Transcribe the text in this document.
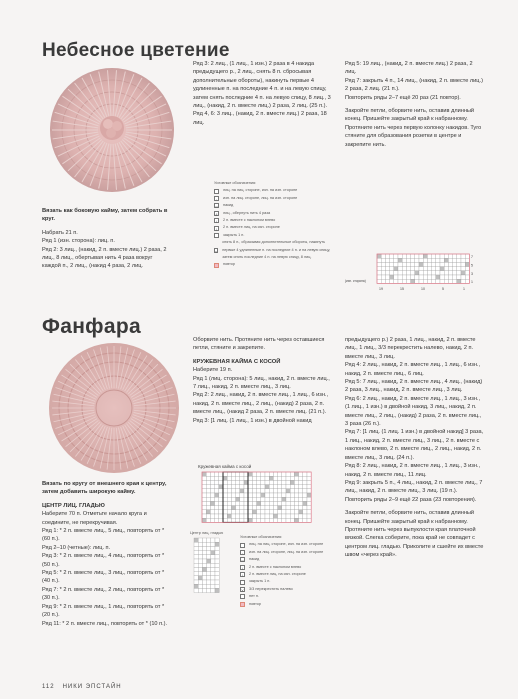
Небесное цветение

Вязать как боковую кайму, затем собрать в круг.

Набрать 21 п.

Ряд 1 (изн. сторона): лиц. п.

Ряд 2: 3 лиц., (накид, 2 п. вместе лиц.) 2 раза, 2 лиц., 8 лиц., обертывая нить 4 раза вокруг каждой п., 2 лиц., (накид 4 раза, 2 лиц.

Ряд 3: 2 лиц., (1 лиц., 1 изн.) 2 раза в 4 накида предыдущего р., 2 лиц., снять 8 п. сбросывая дополнительные обороты), накинуть первые 4 удлиненные п. на последние 4 п. и на левую спицу, затем снять последние 4 п. на левую спицу, 8 лиц., 3 лиц., (накид, 2 п. вместе лиц.) 2 раза, 2 лиц. (25 п.).

Ряд 4, 6: 3 лиц., (накид, 2 п. вместе лиц.) 2 раза, 18 лиц.

Условные обозначения:
лиц. на лиц. стороне, изн. на изн. стороне
·	изн. на лиц. стороне, лиц. на изн. стороне
o	накид
4	лиц., обернуть нить 4 раза
/	2 п. вместе с наклоном влево
\	2 п. вместе лиц. на изн. стороне
закрыть 1 п.
≈
снять 8 п., сбрасывая дополнительные обороты, накинуть первые 4 удлиненные п. на последние 4 п. и на левую спицу, затем снять последние 4 п. на левую спицу, 8 лиц.
повтор

Ряд 5: 19 лиц., (накид, 2 п. вместе лиц.) 2 раза, 2 лиц.

Ряд 7: закрыть 4 п., 14 лиц., (накид, 2 п. вместе лиц.) 2 раза, 2 лиц. (21 п.).

Повторить ряды 2–7 ещё 20 раз (21 повтор).

Закройте петли, оборвите нить, оставив длинный конец. Пришейте закрытый край к набранному. Протяните нить через первую колонку накидов. Туго стяните для образования розетки в центре и закрепите нить.

7
5
3
1
(изн. сторона)
19	15	10	5	1
Фанфара

Вязать по кругу от внешнего края к центру, затем добавить широкую кайму.

ЦЕНТР ЛИЦ. ГЛАДЬЮ

Наберите 70 п. Отметьте начало круга и соедините, не перекручивая.

Ряд 1: * 2 п. вместе лиц., 5 лиц., повторять от * (60 п.).

Ряд 2–10 (четные): лиц. п.

Ряд 3: * 2 п. вместе лиц., 4 лиц., повторять от * (50 п.).

Ряд 5: * 2 п. вместе лиц., 3 лиц., повторять от * (40 п.).

Ряд 7: * 2 п. вместе лиц., 2 лиц., повторять от * (30 п.).

Ряд 9: * 2 п. вместе лиц., 1 лиц., повторять от * (20 п.).

Ряд 11: * 2 п. вместе лиц., повторять от * (10 п.).

Оборвите нить. Протяните нить через оставшиеся петли, стяните и закрепите.

КРУЖЕВНАЯ КАЙМА С КОСОЙ

Наберите 19 п.

Ряд 1 (лиц. сторона): 5 лиц., накид, 2 п. вместе лиц., 7 лиц., накид, 2 п. вместе лиц., 3 лиц.

Ряд 2: 2 лиц., накид, 2 п. вместе лиц., 1 лиц., 6 изн., накид, 2 п. вместе лиц., 2 лиц., (накид) 2 раза, 2 п. вместе лиц., (накид 2 раза, 2 п. вместе лиц. (21 п.).

Ряд 3: [1 лиц. (1 лиц., 1 изн.) в двойной накид

Кружевная кайма с косой
Центр лиц. гладью
Условные обозначения:
лиц. на лиц. стороне, изн. на изн. стороне
·	изн. на лиц. стороне, лиц. на изн. стороне
o	накид
/	2 п. вместе с наклоном влево
\	2 п. вместе лиц. на изн. стороне
закрыть 1 п.
X	3/3 перекрестить налево
нет п.
повтор

предыдущего р.) 2 раза, 1 лиц., накид, 2 п. вместе лиц., 1 лиц., 3/3 перекрестить налево, накид, 2 п. вместе лиц., 3 лиц.

Ряд 4: 2 лиц., накид, 2 п. вместе лиц., 1 лиц., 6 изн., накид, 2 п. вместе лиц., 6 лиц.

Ряд 5: 7 лиц., накид, 2 п. вместе лиц., 4 лиц., (накид) 2 раза, 3 лиц., накид, 2 п. вместе лиц., 3 лиц.

Ряд 6: 2 лиц., накид, 2 п. вместе лиц., 1 лиц., 3 изн., (1 лиц., 1 изн.) в двойной накид, 3 лиц., накид, 2 п. вместе лиц., 2 лиц., (накид) 2 раза, 2 п. вместе лиц., 3 раза (26 п.).

Ряд 7: [1 лиц. (1 лиц. 1 изн.) в двойной накид] 3 раза, 1 лиц., накид, 2 п. вместе лиц., 3 лиц., 2 п. вместе с наклоном влево, 2 п. вместе лиц., 2 лиц., накид, 2 п. вместе лиц., 3 лиц. (24 п.).

Ряд 8: 2 лиц., накид, 2 п. вместе лиц., 1 лиц., 3 изн., накид, 2 п. вместе лиц., 11 лиц.

Ряд 9: закрыть 5 п., 4 лиц., накид, 2 п. вместе лиц., 7 лиц., накид, 2 п. вместе лиц., 3 лиц. (19 п.).

Повторить ряды 2–9 ещё 22 раза (23 повторения).

Закройте петли, оборвите нить, оставив длинный конец. Пришейте закрытый край к набранному. Протяните нить через выпуклости края платочной вязкой. Слегка соберите, пока край не совпадет с центром лиц. гладью. Приколите и сшейте их вместе швом «через край».

112 НИКИ ЭПСТАЙН
